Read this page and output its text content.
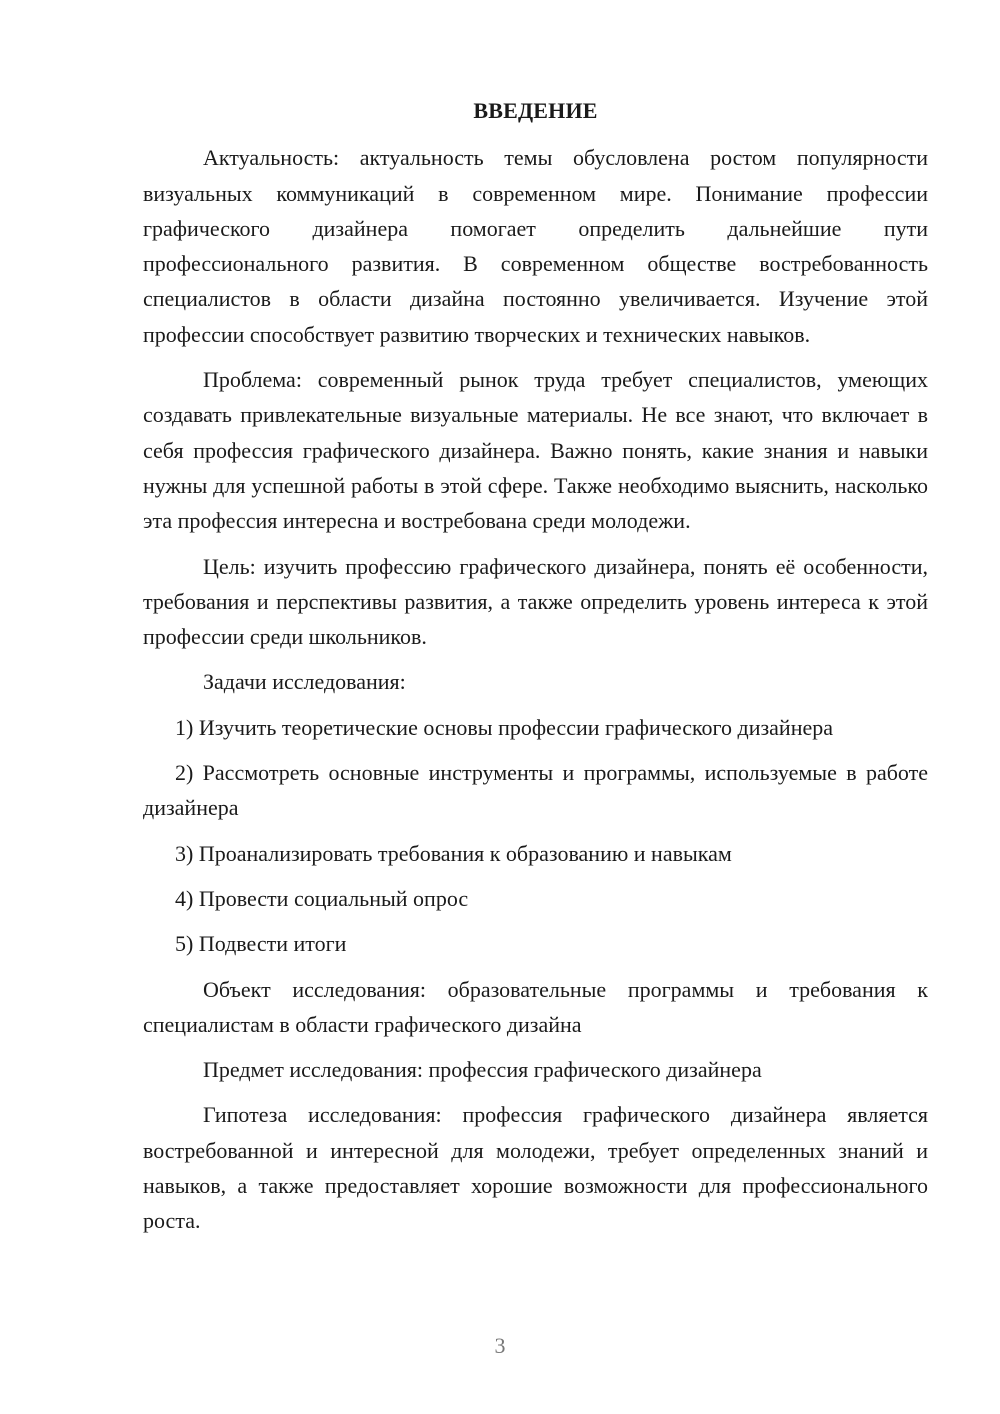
ВВЕДЕНИЕ

Актуальность: актуальность темы обусловлена ростом популярности визуальных коммуникаций в современном мире. Понимание профессии графического дизайнера помогает определить дальнейшие пути профессионального развития. В современном обществе востребованность специалистов в области дизайна постоянно увеличивается. Изучение этой профессии способствует развитию творческих и технических навыков.

Проблема: современный рынок труда требует специалистов, умеющих создавать привлекательные визуальные материалы. Не все знают, что включает в себя профессия графического дизайнера. Важно понять, какие знания и навыки нужны для успешной работы в этой сфере. Также необходимо выяснить, насколько эта профессия интересна и востребована среди молодежи.

Цель: изучить профессию графического дизайнера, понять её особенности, требования и перспективы развития, а также определить уровень интереса к этой профессии среди школьников.

Задачи исследования:

1) Изучить теоретические основы профессии графического дизайнера

2) Рассмотреть основные инструменты и программы, используемые в работе дизайнера

3) Проанализировать требования к образованию и навыкам

4) Провести социальный опрос

5) Подвести итоги

Объект исследования: образовательные программы и требования к специалистам в области графического дизайна

Предмет исследования: профессия графического дизайнера

Гипотеза исследования: профессия графического дизайнера является востребованной и интересной для молодежи, требует определенных знаний и навыков, а также предоставляет хорошие возможности для профессионального роста.

3
